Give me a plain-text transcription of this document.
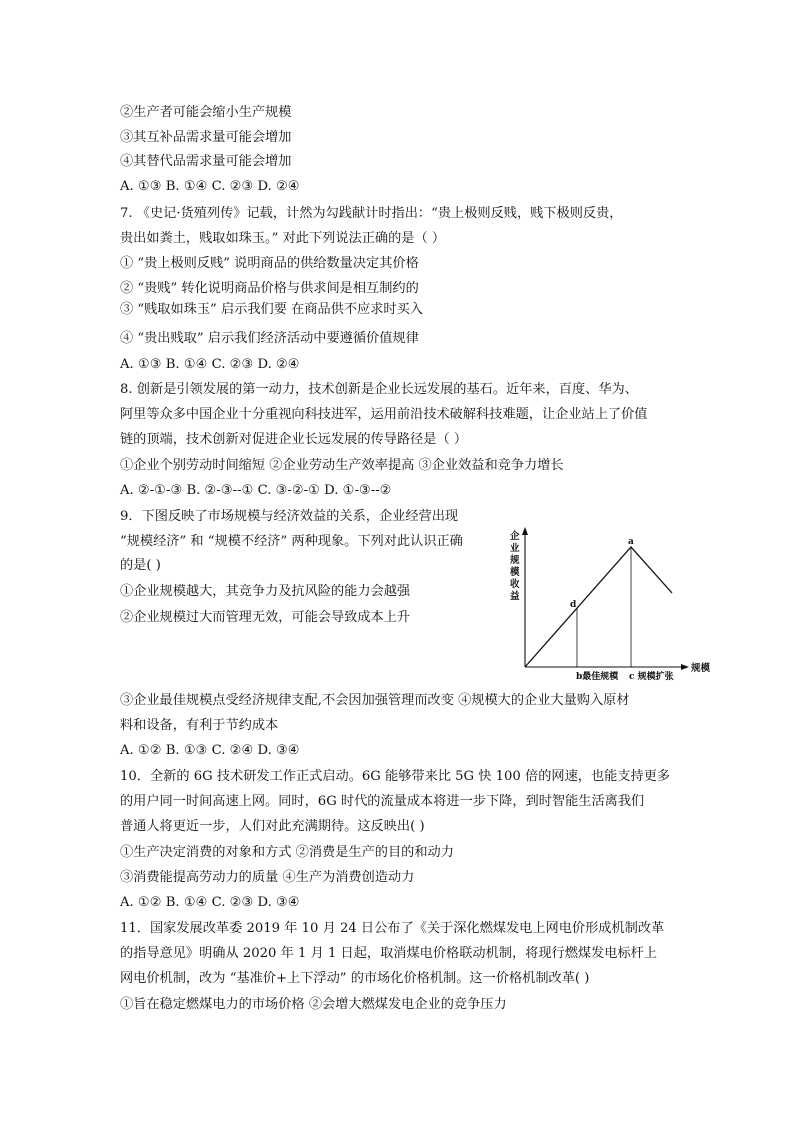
②生产者可能会缩小生产规模
③其互补品需求量可能会增加
④其替代品需求量可能会增加
A. ①③ B. ①④ C. ②③ D. ②④
7. 《史记·货殖列传》记载，计然为勾践献计时指出：“贵上极则反贱，贱下极则反贵，
贵出如粪土，贱取如珠玉。” 对此下列说法正确的是（ ）
① “贵上极则反贱” 说明商品的供给数量决定其价格
② “贵贱” 转化说明商品价格与供求间是相互制约的
③ “贱取如珠玉” 启示我们要 在商品供不应求时买入
④ “贵出贱取” 启示我们经济活动中要遵循价值规律
A. ①③ B. ①④ C. ②③ D. ②④
8. 创新是引领发展的第一动力，技术创新是企业长远发展的基石。近年来，百度、华为、
阿里等众多中国企业十分重视向科技进军，运用前沿技术破解科技难题，让企业站上了价值
链的顶端，技术创新对促进企业长远发展的传导路径是（ ）
①企业个别劳动时间缩短 ②企业劳动生产效率提高 ③企业效益和竞争力增长
A. ②-①-③ B. ②-③--① C. ③-②-① D. ①-③--②
9．下图反映了市场规模与经济效益的关系，企业经营出现
“规模经济” 和 “规模不经济” 两种现象。下列对此认识正确
的是( )
①企业规模越大，其竞争力及抗风险的能力会越强
②企业规模过大而管理无效，可能会导致成本上升
③企业最佳规模点受经济规律支配,不会因加强管理而改变 ④规模大的企业大量购入原材
料和设备，有利于节约成本
A. ①② B. ①③ C. ②④ D. ③④
10．全新的 6G 技术研发工作正式启动。6G 能够带来比 5G 快 100 倍的网速，也能支持更多
的用户同一时间高速上网。同时，6G 时代的流量成本将进一步下降，到时智能生活离我们
普通人将更近一步，人们对此充满期待。这反映出( )
①生产决定消费的对象和方式 ②消费是生产的目的和动力
③消费能提高劳动力的质量 ④生产为消费创造动力
A. ①② B. ①④ C. ②③ D. ③④
11．国家发展改革委 2019 年 10 月 24 日公布了《关于深化燃煤发电上网电价形成机制改革
的指导意见》明确从 2020 年 1 月 1 日起，取消煤电价格联动机制，将现行燃煤发电标杆上
网电价机制，改为 “基准价+上下浮动” 的市场化价格机制。这一价格机制改革( )
①旨在稳定燃煤电力的市场价格 ②会增大燃煤发电企业的竞争压力
企业规模收益
a
d
b最佳规模 c 规模扩张
规模
